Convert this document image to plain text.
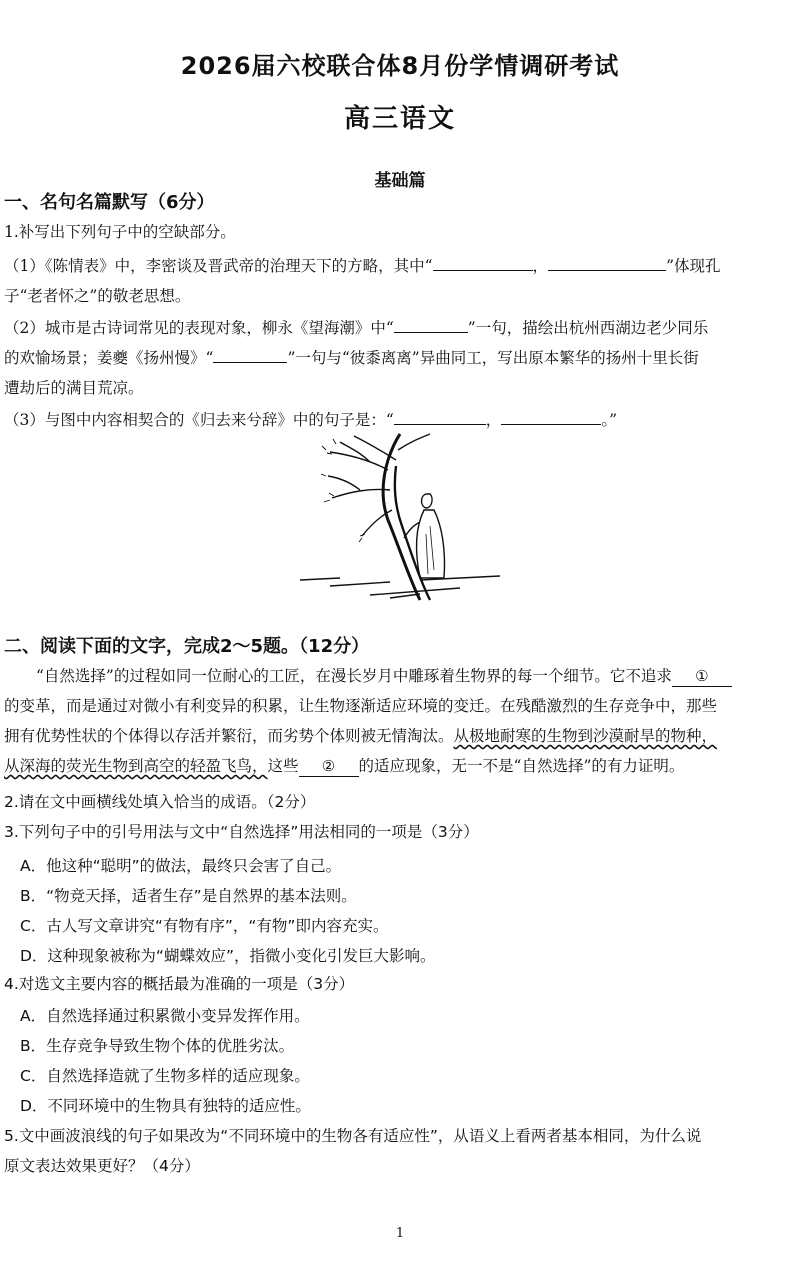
2026届六校联合体8月份学情调研考试
高三语文
基础篇
一、名句名篇默写（6分）
1.补写出下列句子中的空缺部分。
（1）《陈情表》中，李密谈及晋武帝的治理天下的方略，其中“	，	”体现孔
子“老者怀之”的敬老思想。
（2）城市是古诗词常见的表现对象，柳永《望海潮》中“	”一句，描绘出杭州西湖边老少同乐
的欢愉场景；姜夔《扬州慢》“	”一句与“彼黍离离”异曲同工，写出原本繁华的扬州十里长街
遭劫后的满目荒凉。
（3）与图中内容相契合的《归去来兮辞》中的句子是：“	，	。”
二、阅读下面的文字，完成2～5题。（12分）
“自然选择”的过程如同一位耐心的工匠，在漫长岁月中雕琢着生物界的每一个细节。它不追求 ①
的变革，而是通过对微小有利变异的积累，让生物逐渐适应环境的变迁。在残酷激烈的生存竞争中，那些
拥有优势性状的个体得以存活并繁衍，而劣势个体则被无情淘汰。从极地耐寒的生物到沙漠耐旱的物种，
从深海的荧光生物到高空的轻盈飞鸟，这些 ② 的适应现象，无一不是“自然选择”的有力证明。
2.请在文中画横线处填入恰当的成语。（2分）
3.下列句子中的引号用法与文中“自然选择”用法相同的一项是（3分）
A．他这种“聪明”的做法，最终只会害了自己。
B．“物竞天择，适者生存”是自然界的基本法则。
C．古人写文章讲究“有物有序”，“有物”即内容充实。
D．这种现象被称为“蝴蝶效应”，指微小变化引发巨大影响。
4.对选文主要内容的概括最为准确的一项是（3分）
A．自然选择通过积累微小变异发挥作用。
B．生存竞争导致生物个体的优胜劣汰。
C．自然选择造就了生物多样的适应现象。
D．不同环境中的生物具有独特的适应性。
5.文中画波浪线的句子如果改为“不同环境中的生物各有适应性”，从语义上看两者基本相同，为什么说
原文表达效果更好？（4分）
1
